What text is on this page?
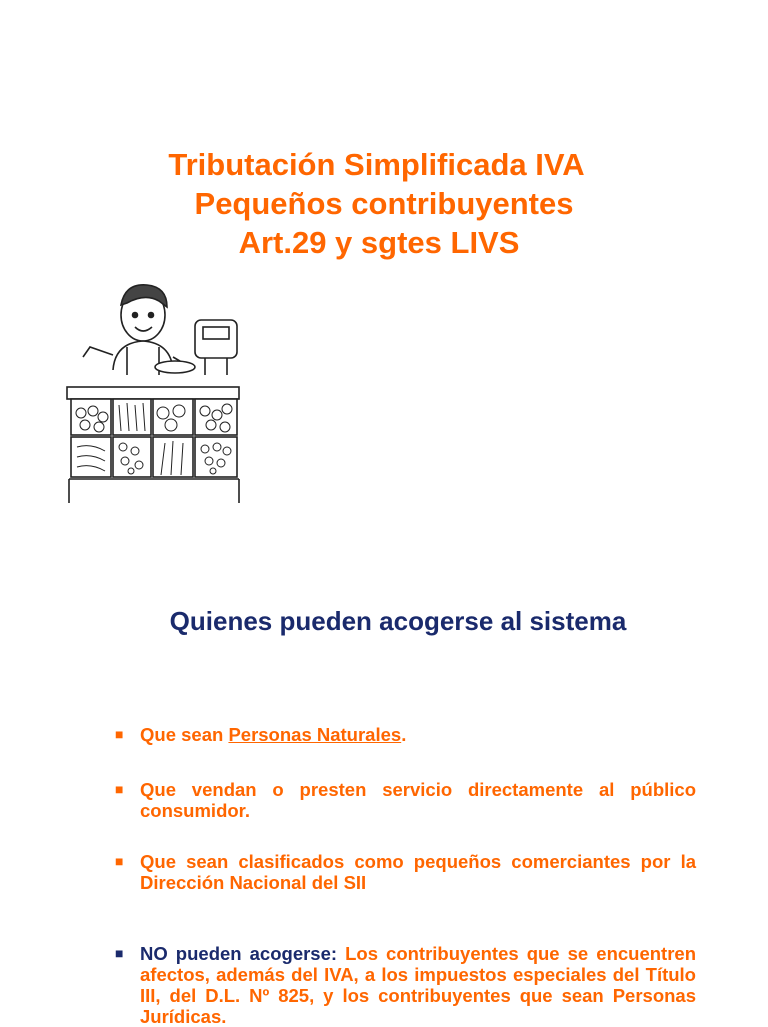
Tributación Simplificada IVA
Pequeños contribuyentes
Art.29 y sgtes LIVS
Quienes pueden acogerse al sistema
■ Que sean Personas Naturales.
■ Que vendan o presten servicio directamente al público consumidor.
■ Que sean clasificados como pequeños comerciantes por la Dirección Nacional del SII
■ NO pueden acogerse: Los contribuyentes que se encuentren afectos, además del IVA, a los impuestos especiales del Título III, del D.L. Nº 825, y los contribuyentes que sean Personas Jurídicas.
